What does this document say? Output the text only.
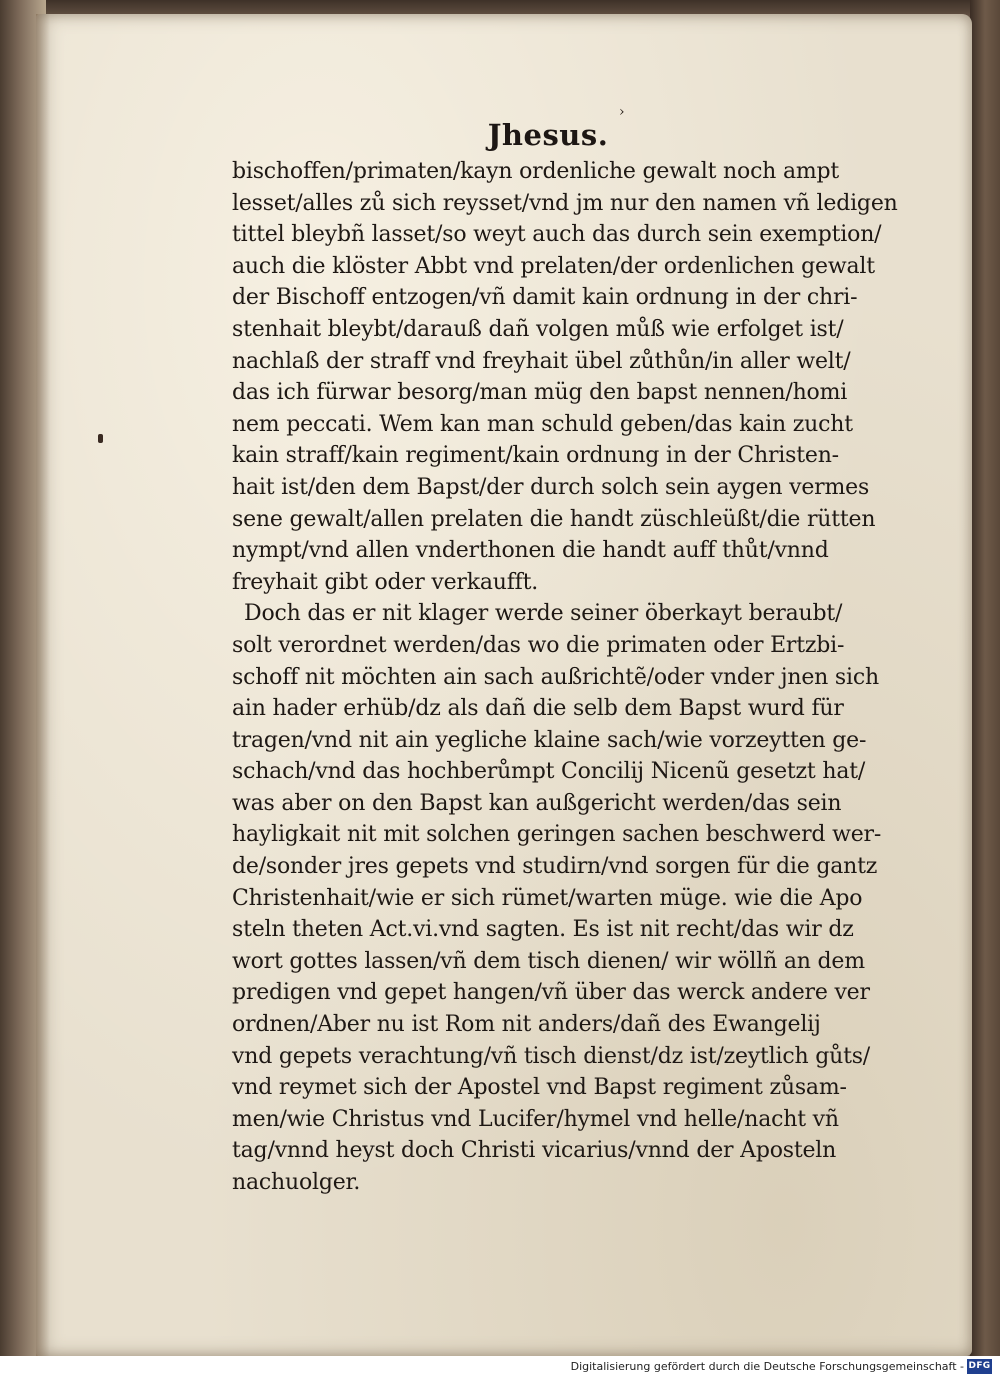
›
Jhesus.
bischoffen/primaten/kayn ordenliche gewalt noch ampt
lesset/alles zů sich reysset/vnd jm nur den namen vñ ledigen
tittel bleybñ lasset/so weyt auch das durch sein exemption/
auch die klöster Abbt vnd prelaten/der ordenlichen gewalt
der Bischoff entzogen/vñ damit kain ordnung in der chri-
stenhait bleybt/darauß dañ volgen můß wie erfolget ist/
nachlaß der straff vnd freyhait übel zůthůn/in aller welt/
das ich fürwar besorg/man müg den bapst nennen/homi
nem peccati. Wem kan man schuld geben/das kain zucht
kain straff/kain regiment/kain ordnung in der Christen-
hait ist/den dem Bapst/der durch solch sein aygen vermes
sene gewalt/allen prelaten die handt züschleüßt/die rütten
nympt/vnd allen vnderthonen die handt auff thůt/vnnd
freyhait gibt oder verkaufft.
Doch das er nit klager werde seiner öberkayt beraubt/
solt verordnet werden/das wo die primaten oder Ertzbi-
schoff nit möchten ain sach außrichtẽ/oder vnder jnen sich
ain hader erhüb/dz als dañ die selb dem Bapst wurd für
tragen/vnd nit ain yegliche klaine sach/wie vorzeytten ge-
schach/vnd das hochberůmpt Concilij Nicenũ gesetzt hat/
was aber on den Bapst kan außgericht werden/das sein
hayligkait nit mit solchen geringen sachen beschwerd wer-
de/sonder jres gepets vnd studirn/vnd sorgen für die gantz
Christenhait/wie er sich rümet/warten müge. wie die Apo
steln theten Act.vi.vnd sagten. Es ist nit recht/das wir dz
wort gottes lassen/vñ dem tisch dienen/ wir wöllñ an dem
predigen vnd gepet hangen/vñ über das werck andere ver
ordnen/Aber nu ist Rom nit anders/dañ des Ewangelij
vnd gepets verachtung/vñ tisch dienst/dz ist/zeytlich gůts/
vnd reymet sich der Apostel vnd Bapst regiment zůsam-
men/wie Christus vnd Lucifer/hymel vnd helle/nacht vñ
tag/vnnd heyst doch Christi vicarius/vnnd der Aposteln
nachuolger.
Digitalisierung gefördert durch die Deutsche Forschungsgemeinschaft - DFG
